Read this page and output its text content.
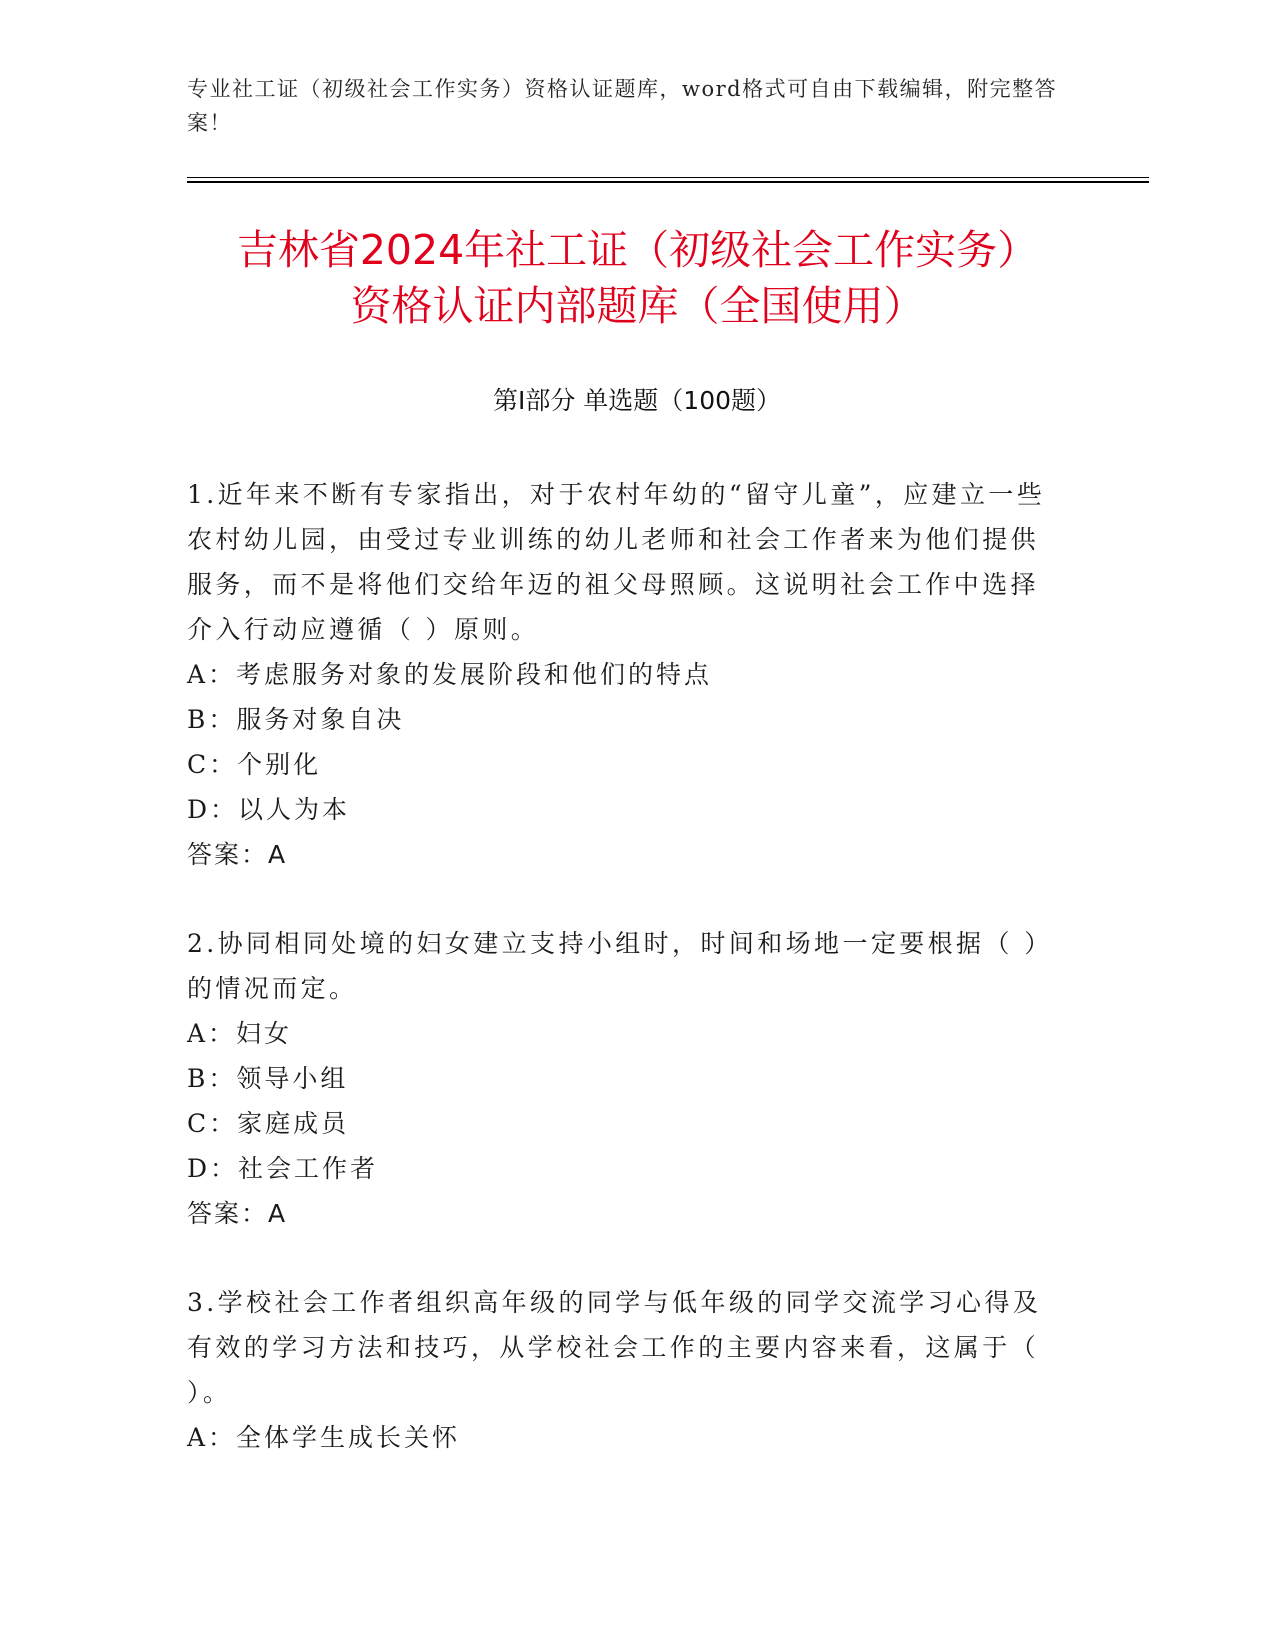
专业社工证（初级社会工作实务）资格认证题库，word格式可自由下载编辑，附完整答案！
吉林省2024年社工证（初级社会工作实务）
资格认证内部题库（全国使用）
第Ⅰ部分 单选题（100题）

1.近年来不断有专家指出，对于农村年幼的“留守儿童”，应建立一些农村幼儿园，由受过专业训练的幼儿老师和社会工作者来为他们提供服务，而不是将他们交给年迈的祖父母照顾。这说明社会工作中选择介入行动应遵循（ ）原则。

A：考虑服务对象的发展阶段和他们的特点

B：服务对象自决

C：个别化

D：以人为本

答案：A

2.协同相同处境的妇女建立支持小组时，时间和场地一定要根据（ ）的情况而定。

A：妇女

B：领导小组

C：家庭成员

D：社会工作者

答案：A

3.学校社会工作者组织高年级的同学与低年级的同学交流学习心得及有效的学习方法和技巧，从学校社会工作的主要内容来看，这属于（ ）。

A：全体学生成长关怀
